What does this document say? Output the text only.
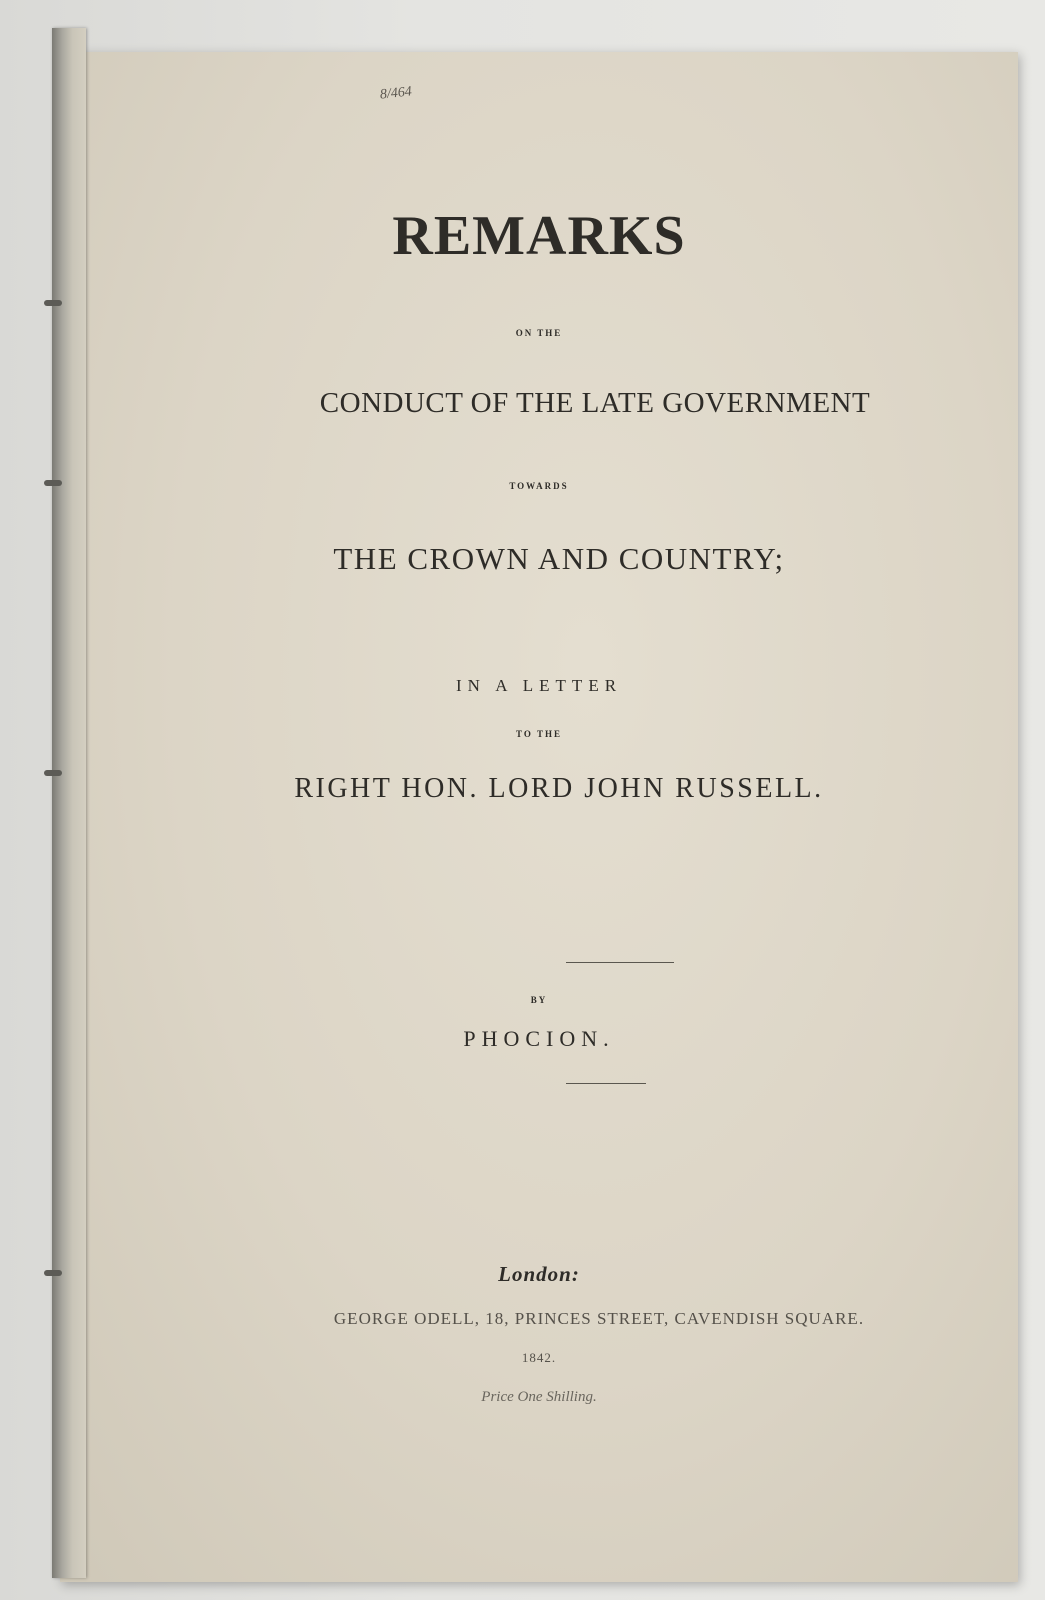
8/464
REMARKS
ON THE
CONDUCT OF THE LATE GOVERNMENT
TOWARDS
THE CROWN AND COUNTRY;
IN A LETTER
TO THE
RIGHT HON. LORD JOHN RUSSELL.
BY
PHOCION.
London:
GEORGE ODELL, 18, PRINCES STREET, CAVENDISH SQUARE.
1842.
Price One Shilling.
